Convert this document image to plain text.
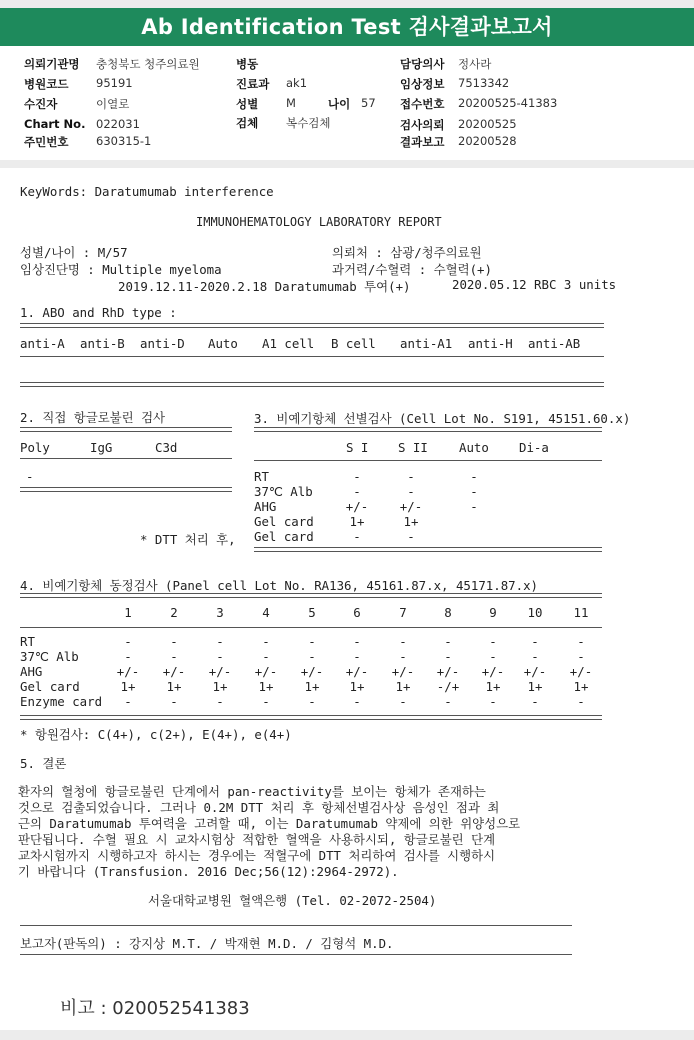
Ab Identification Test 검사결과보고서
의뢰기관명 충청북도 청주의료원	병동	담당의사 정사라
병원코드 95191	진료과 ak1	임상정보 7513342
수진자	이열로	성별 M	나이 57 접수번호 20200525-41383
Chart No. 022031	검체 복수검체	검사의뢰 20200525
주민번호 630315-1	결과보고 20200528
KeyWords: Daratumumab interference
IMMUNOHEMATOLOGY LABORATORY REPORT
성별/나이 : M/57
임상진단명 : Multiple myeloma
의뢰처 : 삼광/청주의료원
과거력/수혈력 : 수혈력(+)
2019.12.11-2020.2.18 Daratumumab 투여(+)	2020.05.12 RBC 3 units
1. ABO and RhD type :
anti-A anti-B anti-D Auto A1 cell B cell anti-A1 anti-H anti-AB
2. 직접 항글로불린 검사
Poly	IgG	C3d
-
* DTT 처리 후,
3. 비예기항체 선별검사 (Cell Lot No. S191, 45151.60.x)
S I S II	Auto Di-a
RT	-	-	-
37℃ Alb	-	-	-
AHG	+/-	+/-	-
Gel card	1+	1+
Gel card	-	-
4. 비예기항체 동정검사 (Panel cell Lot No. RA136, 45161.87.x, 45171.87.x)
1	2	3	4	5	6	7	8	9	10	11
RT	-	-	-	-	-	-	-	-	-	-	-
37℃ Alb	-	-	-	-	-	-	-	-	-	-	-
AHG	+/-	+/-	+/-	+/-	+/-	+/-	+/-	+/-	+/-	+/-	+/-
Gel card	1+	1+	1+	1+	1+	1+	1+	-/+	1+	1+	1+
Enzyme card	-	-	-	-	-	-	-	-	-	-	-
* 항원검사: C(4+), c(2+), E(4+), e(4+)
5. 결론
환자의 혈청에 항글로불린 단계에서 pan-reactivity를 보이는 항체가 존재하는
것으로 검출되었습니다. 그러나 0.2M DTT 처리 후 항체선별검사상 음성인 점과 최
근의 Daratumumab 투여력을 고려할 때, 이는 Daratumumab 약제에 의한 위양성으로
판단됩니다. 수혈 필요 시 교차시험상 적합한 혈액을 사용하시되, 항글로불린 단계
교차시험까지 시행하고자 하시는 경우에는 적혈구에 DTT 처리하여 검사를 시행하시
기 바랍니다 (Transfusion. 2016 Dec;56(12):2964-2972).
서울대학교병원 혈액은행 (Tel. 02-2072-2504)
보고자(판독의) : 강지상 M.T. / 박재현 M.D. / 김형석 M.D.
비고 : 020052541383
